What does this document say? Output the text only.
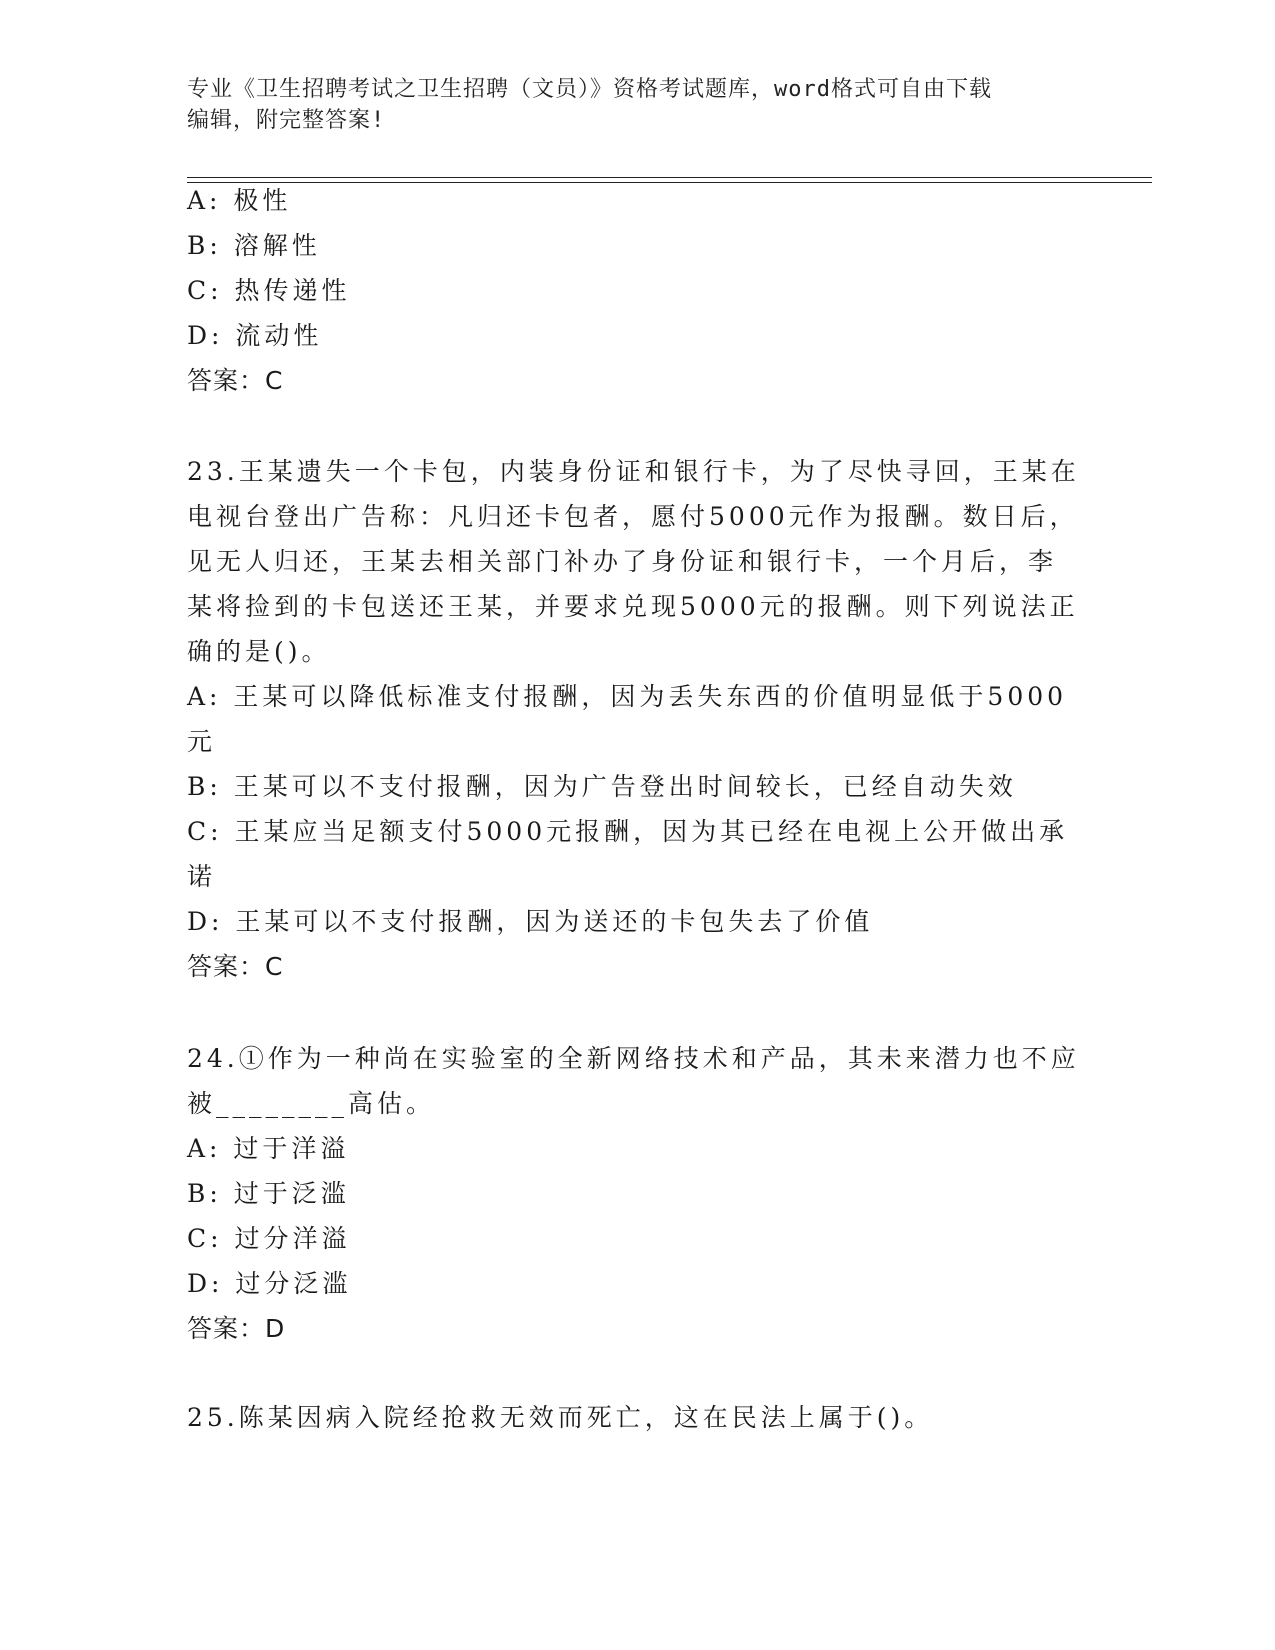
专业《卫生招聘考试之卫生招聘（文员）》资格考试题库，word格式可自由下载
编辑，附完整答案!
A: 极性
B: 溶解性
C: 热传递性
D: 流动性
答案：C
23.王某遗失一个卡包，内装身份证和银行卡，为了尽快寻回，王某在
电视台登出广告称：凡归还卡包者，愿付5000元作为报酬。数日后，
见无人归还，王某去相关部门补办了身份证和银行卡，一个月后，李
某将捡到的卡包送还王某，并要求兑现5000元的报酬。则下列说法正
确的是()。
A: 王某可以降低标准支付报酬，因为丢失东西的价值明显低于5000
元
B: 王某可以不支付报酬，因为广告登出时间较长，已经自动失效
C: 王某应当足额支付5000元报酬，因为其已经在电视上公开做出承
诺
D: 王某可以不支付报酬，因为送还的卡包失去了价值
答案：C
24.①作为一种尚在实验室的全新网络技术和产品，其未来潜力也不应
被________高估。
A: 过于洋溢
B: 过于泛滥
C: 过分洋溢
D: 过分泛滥
答案：D
25.陈某因病入院经抢救无效而死亡，这在民法上属于()。
